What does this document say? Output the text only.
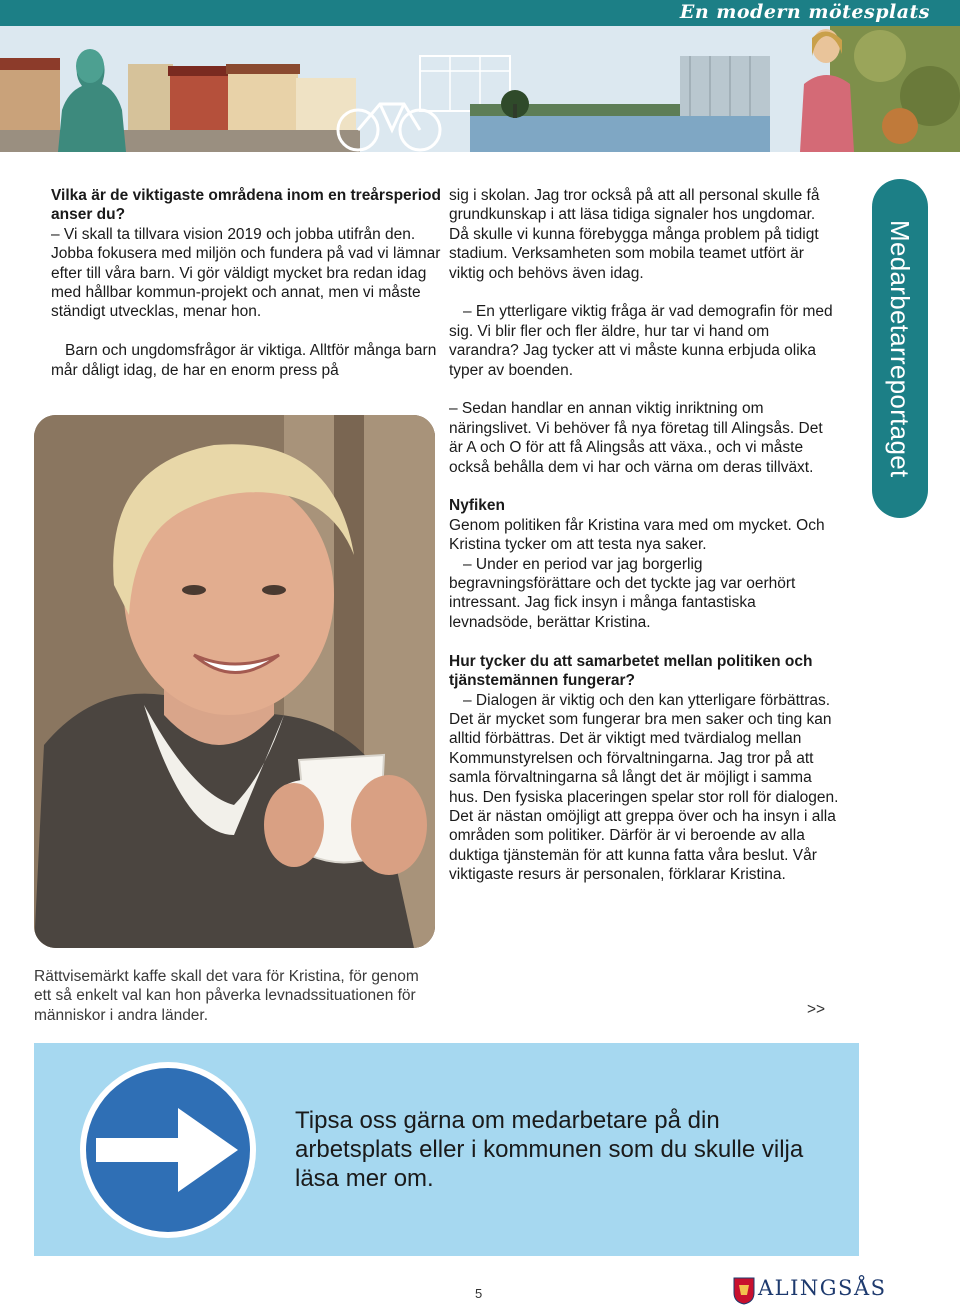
En modern mötesplats
Vilka är de viktigaste områdena inom en treårsperiod anser du?

– Vi skall ta tillvara vision 2019 och jobba utifrån den. Jobba fokusera med miljön och fundera på vad vi lämnar efter till våra barn. Vi gör väldigt mycket bra redan idag med hållbar kommun-projekt och annat, men vi måste ständigt utvecklas, menar hon.

Barn och ungdomsfrågor är viktiga. Alltför många barn mår dåligt idag, de har en enorm press på

sig i skolan. Jag tror också på att all personal skulle få grundkunskap i att läsa tidiga signaler hos ungdomar. Då skulle vi kunna förebygga många problem på tidigt stadium. Verksamheten som mobila teamet utfört är viktig och behövs även idag.

– En ytterligare viktig fråga är vad demografin för med sig. Vi blir fler och fler äldre, hur tar vi hand om varandra? Jag tycker att vi måste kunna erbjuda olika typer av boenden.

– Sedan handlar en annan viktig inriktning om näringslivet. Vi behöver få nya företag till Alingsås. Det är A och O för att få Alingsås att växa., och vi måste också behålla dem vi har och värna om deras tillväxt.

Nyfiken

Genom politiken får Kristina vara med om mycket. Och Kristina tycker om att testa nya saker.

– Under en period var jag borgerlig begravningsförättare och det tyckte jag var oerhört intressant. Jag fick insyn i många fantastiska levnadsöde, berättar Kristina.

Hur tycker du att samarbetet mellan politiken och tjänstemännen fungerar?

– Dialogen är viktig och den kan ytterligare förbättras. Det är mycket som fungerar bra men saker och ting kan alltid förbättras. Det är viktigt med tvärdialog mellan Kommunstyrelsen och förvaltningarna. Jag tror på att samla förvaltningarna så långt det är möjligt i samma hus. Den fysiska placeringen spelar stor roll för dialogen. Det är nästan omöjligt att greppa över och ha insyn i alla områden som politiker. Därför är vi beroende av alla duktiga tjänstemän för att kunna fatta våra beslut. Vår viktigaste resurs är personalen, förklarar Kristina.

Rättvisemärkt kaffe skall det vara för Kristina, för genom ett så enkelt val kan hon påverka levnadssituationen för människor i andra länder.	>>
Medarbetarreportaget
Tipsa oss gärna om medarbetare på din arbetsplats eller i kommunen som du skulle vilja läsa mer om.
5	ALINGSÅS
